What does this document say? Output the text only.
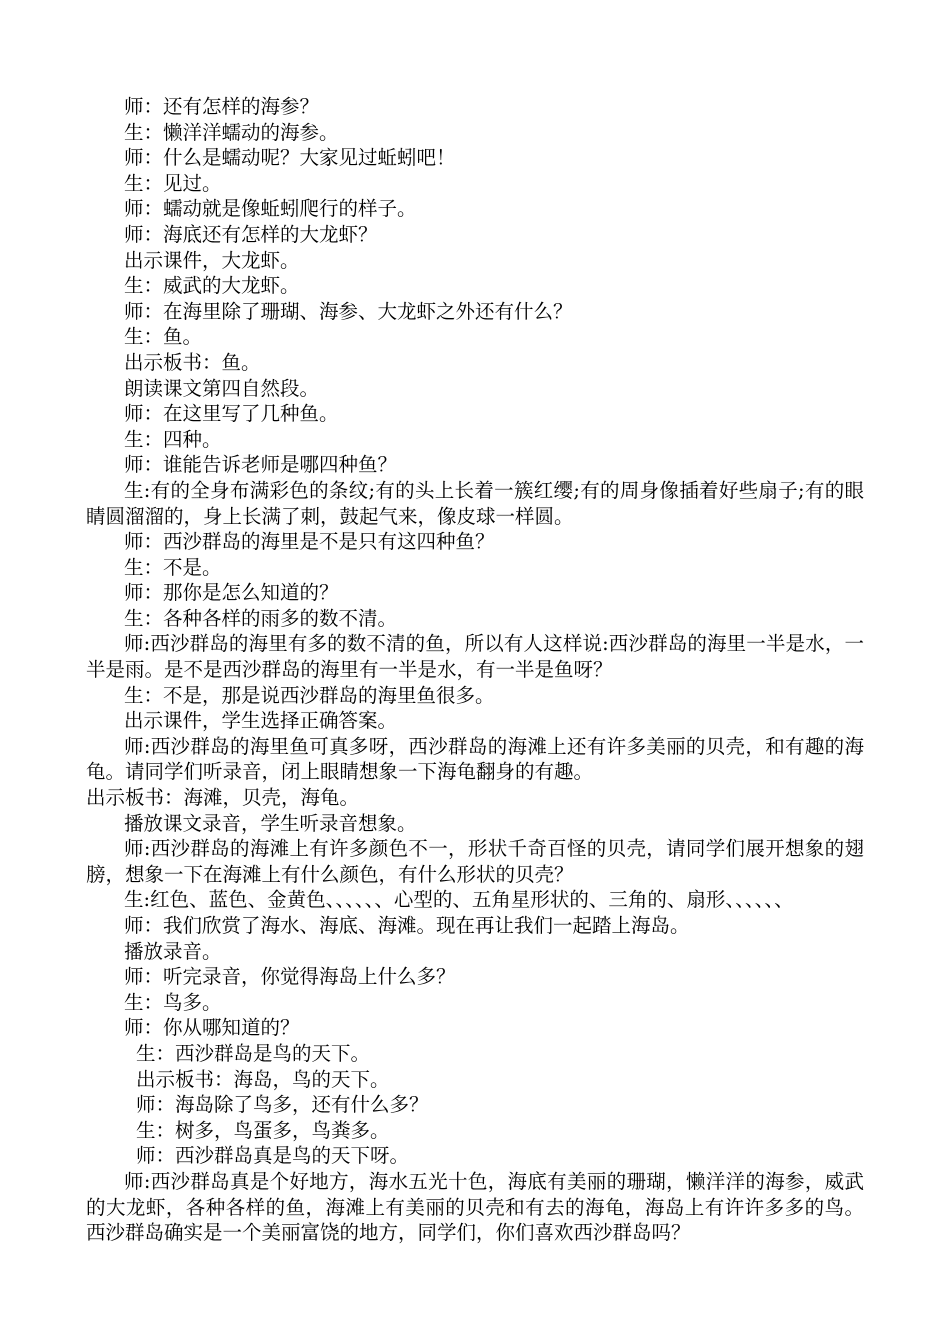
师：还有怎样的海参？

生：懒洋洋蠕动的海参。

师：什么是蠕动呢？大家见过蚯蚓吧！

生：见过。

师：蠕动就是像蚯蚓爬行的样子。

师：海底还有怎样的大龙虾？

出示课件，大龙虾。

生：威武的大龙虾。

师：在海里除了珊瑚、海参、大龙虾之外还有什么？

生：鱼。

出示板书：鱼。

朗读课文第四自然段。

师：在这里写了几种鱼。

生：四种。

师：谁能告诉老师是哪四种鱼？

生:有的全身布满彩色的条纹;有的头上长着一簇红缨;有的周身像插着好些扇子;有的眼睛圆溜溜的，身上长满了刺，鼓起气来，像皮球一样圆。

师：西沙群岛的海里是不是只有这四种鱼？

生：不是。

师：那你是怎么知道的？

生：各种各样的雨多的数不清。

师:西沙群岛的海里有多的数不清的鱼，所以有人这样说:西沙群岛的海里一半是水，一半是雨。是不是西沙群岛的海里有一半是水，有一半是鱼呀？

生：不是，那是说西沙群岛的海里鱼很多。

出示课件，学生选择正确答案。

师:西沙群岛的海里鱼可真多呀，西沙群岛的海滩上还有许多美丽的贝壳，和有趣的海龟。请同学们听录音，闭上眼睛想象一下海龟翻身的有趣。

出示板书：海滩，贝壳，海龟。

播放课文录音，学生听录音想象。

师:西沙群岛的海滩上有许多颜色不一，形状千奇百怪的贝壳，请同学们展开想象的翅膀，想象一下在海滩上有什么颜色，有什么形状的贝壳？

生:红色、蓝色、金黄色、、、、、、心型的、五角星形状的、三角的、扇形、、、、、、

师：我们欣赏了海水、海底、海滩。现在再让我们一起踏上海岛。

播放录音。

师：听完录音，你觉得海岛上什么多？

生：鸟多。

师：你从哪知道的？

生：西沙群岛是鸟的天下。

出示板书：海岛，鸟的天下。

师：海岛除了鸟多，还有什么多？

生：树多，鸟蛋多，鸟粪多。

师：西沙群岛真是鸟的天下呀。

师:西沙群岛真是个好地方，海水五光十色，海底有美丽的珊瑚，懒洋洋的海参，威武的大龙虾，各种各样的鱼，海滩上有美丽的贝壳和有去的海龟，海岛上有许许多多的鸟。西沙群岛确实是一个美丽富饶的地方，同学们，你们喜欢西沙群岛吗？
